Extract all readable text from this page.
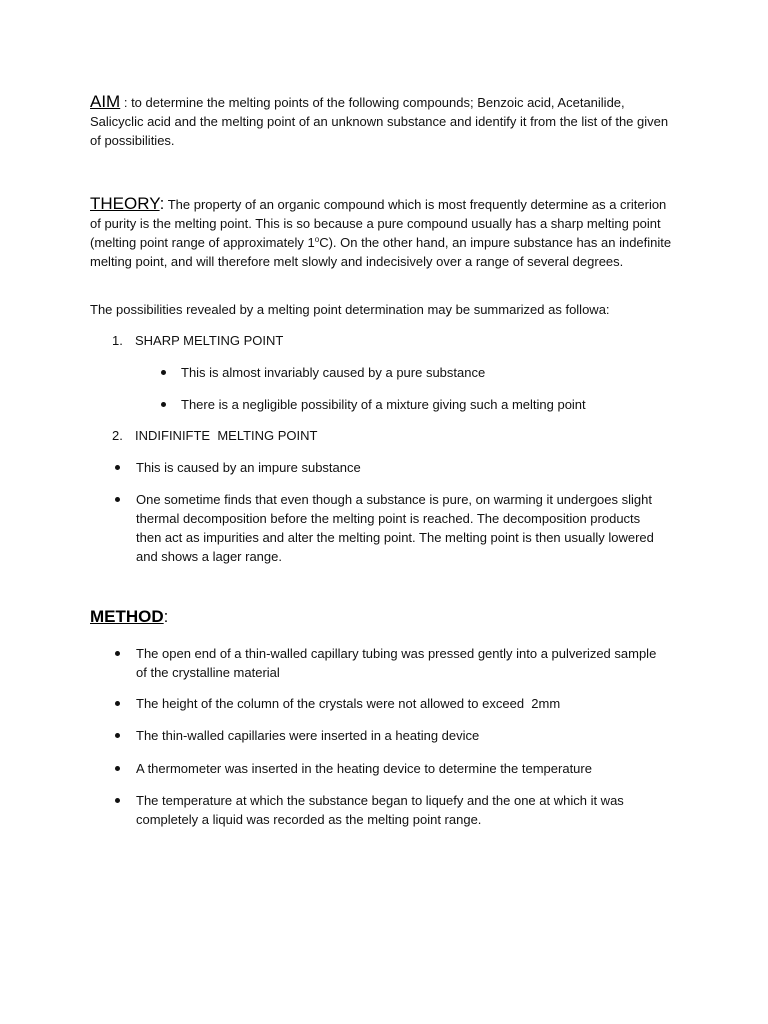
AIM : to determine the melting points of the following compounds; Benzoic acid, Acetanilide, Salicyclic acid and the melting point of an unknown substance and identify it from the list of the given of possibilities.

THEORY: The property of an organic compound which is most frequently determine as a criterion of purity is the melting point. This is so because a pure compound usually has a sharp melting point (melting point range of approximately 1$^o$C). On the other hand, an impure substance has an indefinite melting point, and will therefore melt slowly and indecisively over a range of several degrees.

The possibilities revealed by a melting point determination may be summarized as followa:

1. SHARP MELTING POINT
This is almost invariably caused by a pure substance
There is a negligible possibility of a mixture giving such a melting point
2. INDIFINIFTE  MELTING POINT
This is caused by an impure substance
One sometime finds that even though a substance is pure, on warming it undergoes slight thermal decomposition before the melting point is reached. The decomposition products then act as impurities and alter the melting point. The melting point is then usually lowered and shows a lager range.

METHOD:

The open end of a thin-walled capillary tubing was pressed gently into a pulverized sample of the crystalline material
The height of the column of the crystals were not allowed to exceed  2mm
The thin-walled capillaries were inserted in a heating device
A thermometer was inserted in the heating device to determine the temperature
The temperature at which the substance began to liquefy and the one at which it was completely a liquid was recorded as the melting point range.
